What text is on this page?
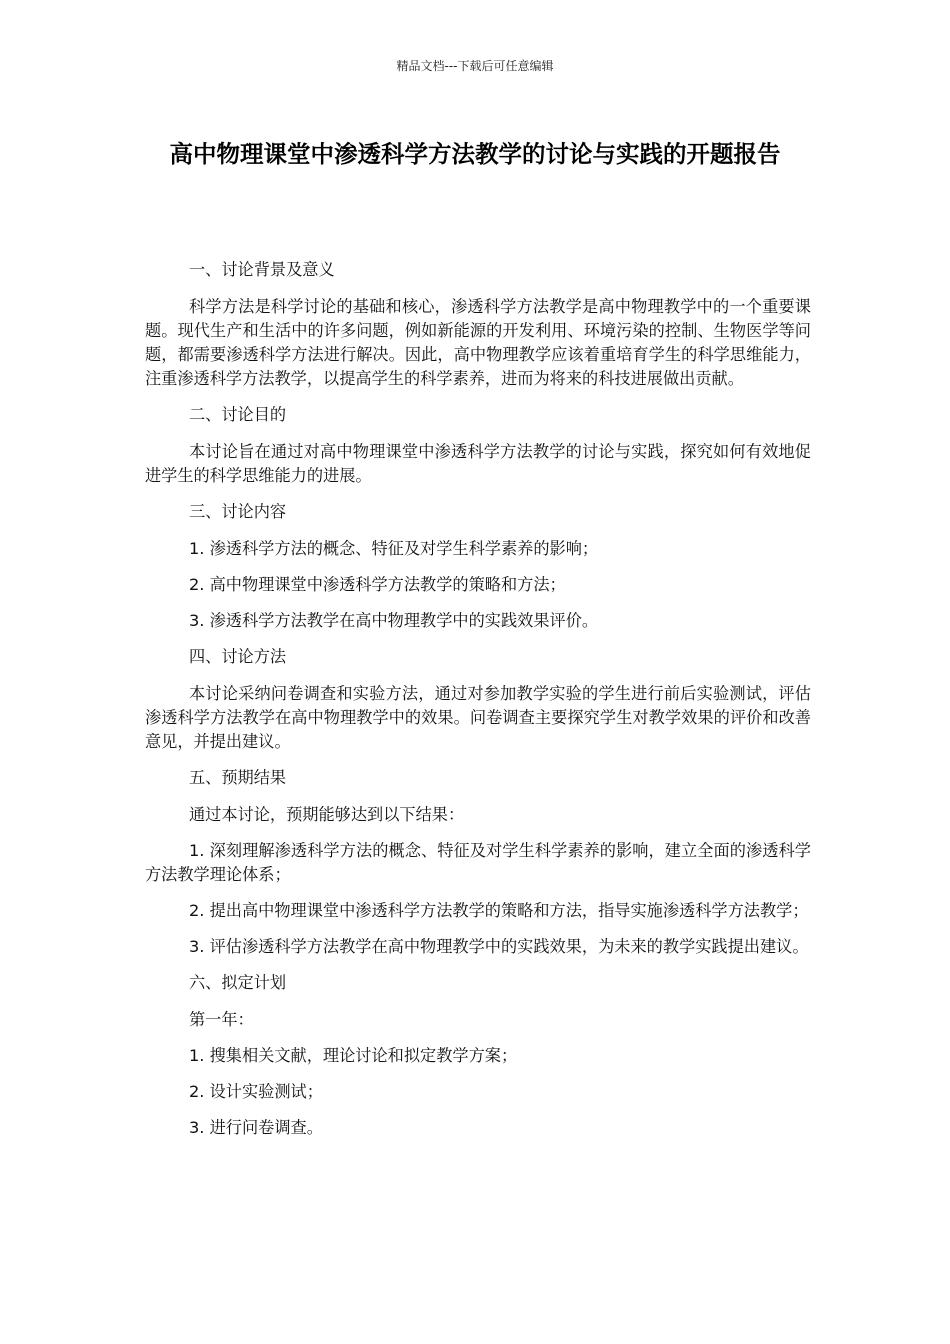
精品文档---下载后可任意编辑
高中物理课堂中渗透科学方法教学的讨论与实践的开题报告

一、讨论背景及意义

科学方法是科学讨论的基础和核心，渗透科学方法教学是高中物理教学中的一个重要课题。现代生产和生活中的许多问题，例如新能源的开发利用、环境污染的控制、生物医学等问题，都需要渗透科学方法进行解决。因此，高中物理教学应该着重培育学生的科学思维能力，注重渗透科学方法教学，以提高学生的科学素养，进而为将来的科技进展做出贡献。

二、讨论目的

本讨论旨在通过对高中物理课堂中渗透科学方法教学的讨论与实践，探究如何有效地促进学生的科学思维能力的进展。

三、讨论内容

1. 渗透科学方法的概念、特征及对学生科学素养的影响；

2. 高中物理课堂中渗透科学方法教学的策略和方法；

3. 渗透科学方法教学在高中物理教学中的实践效果评价。

四、讨论方法

本讨论采纳问卷调查和实验方法，通过对参加教学实验的学生进行前后实验测试，评估渗透科学方法教学在高中物理教学中的效果。问卷调查主要探究学生对教学效果的评价和改善意见，并提出建议。

五、预期结果

通过本讨论，预期能够达到以下结果：

1. 深刻理解渗透科学方法的概念、特征及对学生科学素养的影响，建立全面的渗透科学方法教学理论体系；

2. 提出高中物理课堂中渗透科学方法教学的策略和方法，指导实施渗透科学方法教学；

3. 评估渗透科学方法教学在高中物理教学中的实践效果，为未来的教学实践提出建议。

六、拟定计划

第一年：

1. 搜集相关文献，理论讨论和拟定教学方案；

2. 设计实验测试；

3. 进行问卷调查。
